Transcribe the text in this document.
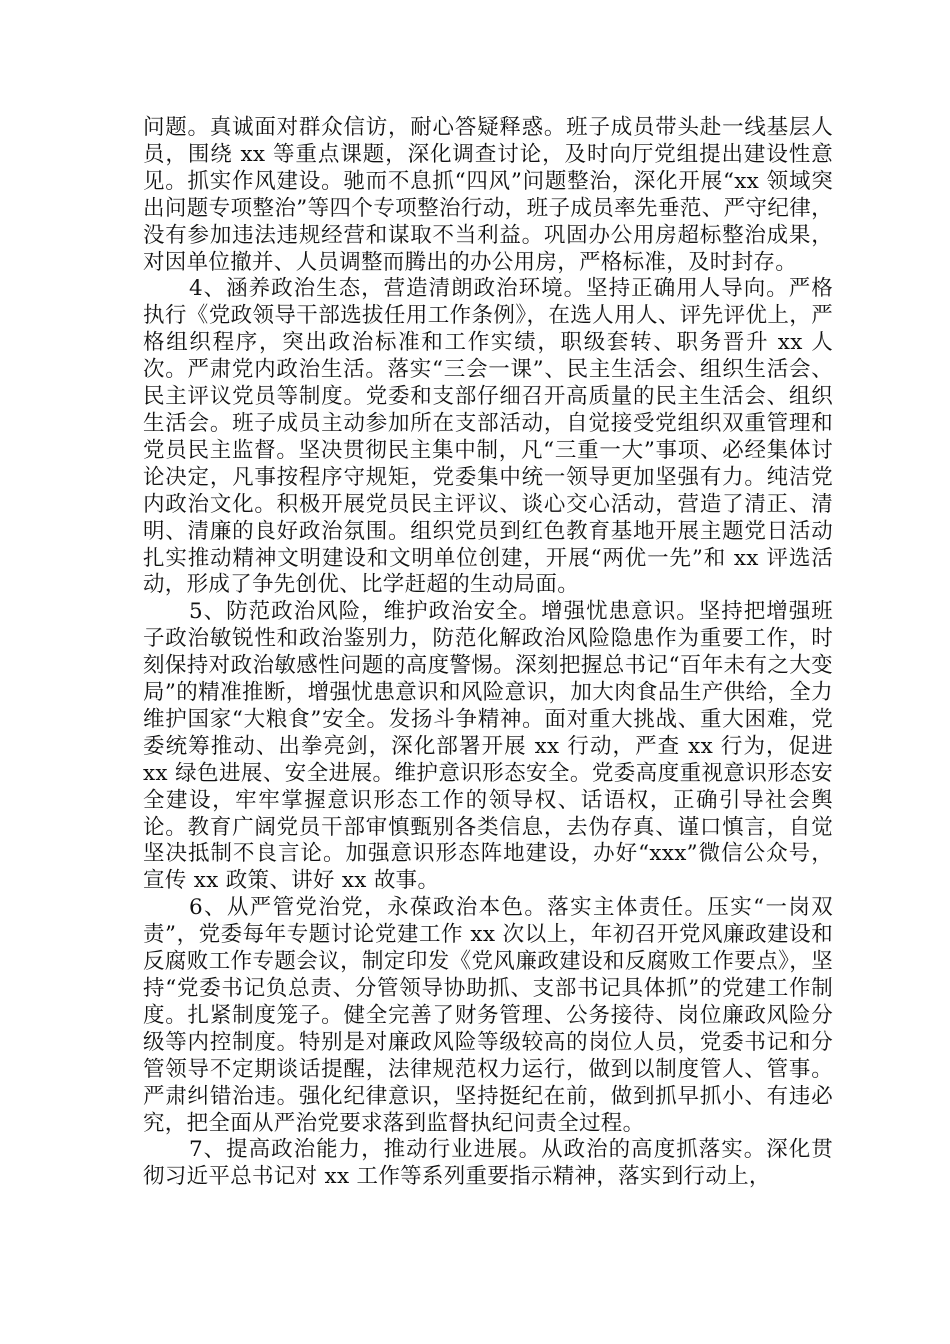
问题。真诚面对群众信访，耐心答疑释惑。班子成员带头赴一线基层人员，围绕 xx 等重点课题，深化调查讨论，及时向厅党组提出建设性意见。抓实作风建设。驰而不息抓“四风”问题整治，深化开展“xx 领域突出问题专项整治”等四个专项整治行动，班子成员率先垂范、严守纪律，没有参加违法违规经营和谋取不当利益。巩固办公用房超标整治成果，对因单位撤并、人员调整而腾出的办公用房，严格标准，及时封存。

4、涵养政治生态，营造清朗政治环境。坚持正确用人导向。严格执行《党政领导干部选拔任用工作条例》，在选人用人、评先评优上，严格组织程序，突出政治标准和工作实绩，职级套转、职务晋升 xx 人次。严肃党内政治生活。落实“三会一课”、民主生活会、组织生活会、民主评议党员等制度。党委和支部仔细召开高质量的民主生活会、组织生活会。班子成员主动参加所在支部活动，自觉接受党组织双重管理和党员民主监督。坚决贯彻民主集中制，凡“三重一大”事项、必经集体讨论决定，凡事按程序守规矩，党委集中统一领导更加坚强有力。纯洁党内政治文化。积极开展党员民主评议、谈心交心活动，营造了清正、清明、清廉的良好政治氛围。组织党员到红色教育基地开展主题党日活动扎实推动精神文明建设和文明单位创建，开展“两优一先”和 xx 评选活动，形成了争先创优、比学赶超的生动局面。

5、防范政治风险，维护政治安全。增强忧患意识。坚持把增强班子政治敏锐性和政治鉴别力，防范化解政治风险隐患作为重要工作，时刻保持对政治敏感性问题的高度警惕。深刻把握总书记“百年未有之大变局”的精准推断，增强忧患意识和风险意识，加大肉食品生产供给，全力维护国家“大粮食”安全。发扬斗争精神。面对重大挑战、重大困难，党委统筹推动、出拳亮剑，深化部署开展 xx 行动，严查 xx 行为，促进 xx 绿色进展、安全进展。维护意识形态安全。党委高度重视意识形态安全建设，牢牢掌握意识形态工作的领导权、话语权，正确引导社会舆论。教育广阔党员干部审慎甄别各类信息，去伪存真、谨口慎言，自觉坚决抵制不良言论。加强意识形态阵地建设，办好“xxx”微信公众号，宣传 xx 政策、讲好 xx 故事。

6、从严管党治党，永葆政治本色。落实主体责任。压实“一岗双责”，党委每年专题讨论党建工作 xx 次以上，年初召开党风廉政建设和反腐败工作专题会议，制定印发《党风廉政建设和反腐败工作要点》，坚持“党委书记负总责、分管领导协助抓、支部书记具体抓”的党建工作制度。扎紧制度笼子。健全完善了财务管理、公务接待、岗位廉政风险分级等内控制度。特别是对廉政风险等级较高的岗位人员，党委书记和分管领导不定期谈话提醒，法律规范权力运行，做到以制度管人、管事。严肃纠错治违。强化纪律意识，坚持挺纪在前，做到抓早抓小、有违必究，把全面从严治党要求落到监督执纪问责全过程。

7、提高政治能力，推动行业进展。从政治的高度抓落实。深化贯彻习近平总书记对 xx 工作等系列重要指示精神，落实到行动上，
